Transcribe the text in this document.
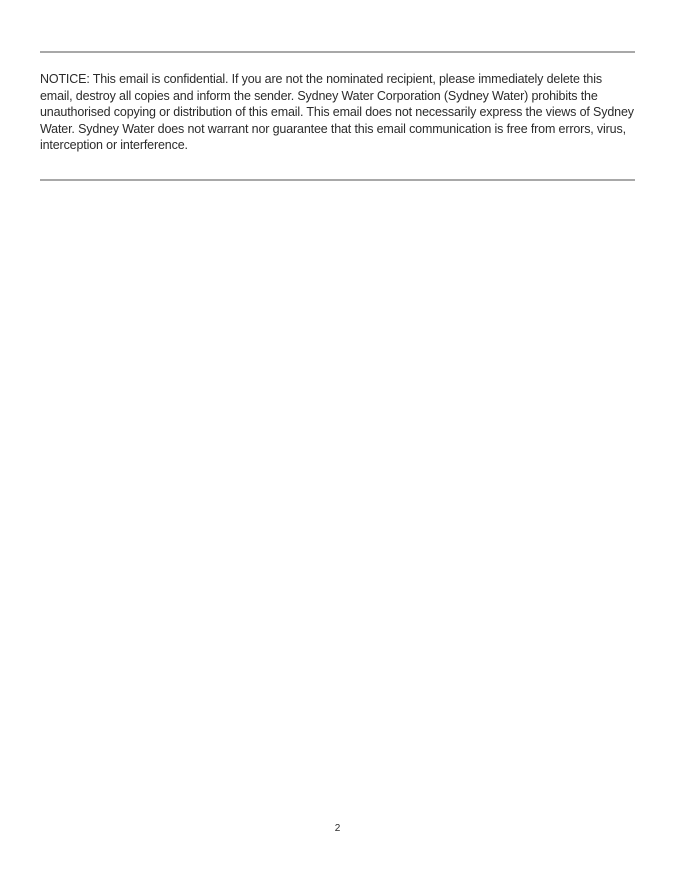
NOTICE: This email is confidential. If you are not the nominated recipient, please immediately delete this email, destroy all copies and inform the sender. Sydney Water Corporation (Sydney Water) prohibits the unauthorised copying or distribution of this email. This email does not necessarily express the views of Sydney Water. Sydney Water does not warrant nor guarantee that this email communication is free from errors, virus, interception or interference.

2
